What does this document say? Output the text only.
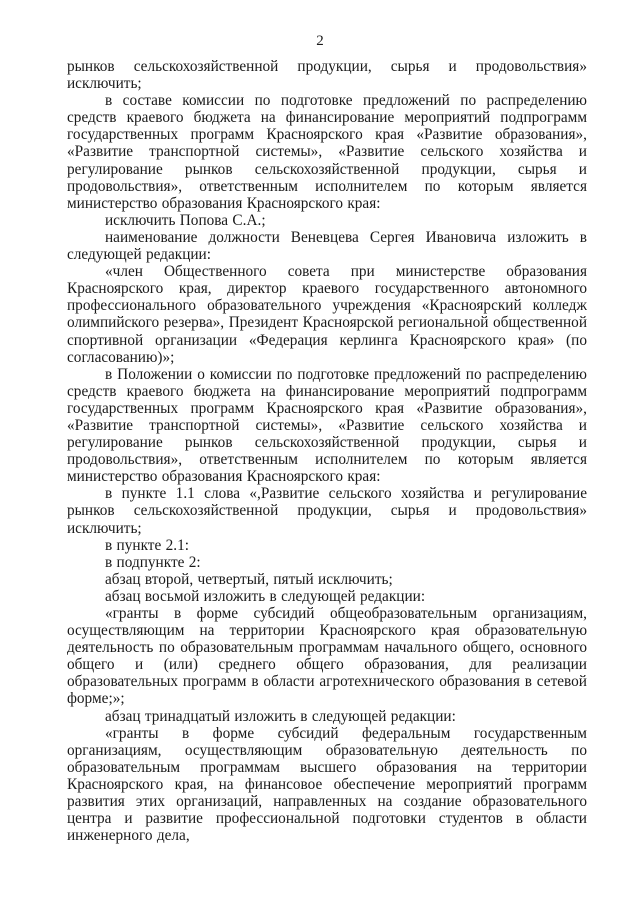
2

рынков сельскохозяйственной продукции, сырья и продовольствия» исключить;

в составе комиссии по подготовке предложений по распределению средств краевого бюджета на финансирование мероприятий подпрограмм государственных программ Красноярского края «Развитие образования», «Развитие транспортной системы», «Развитие сельского хозяйства и регулирование рынков сельскохозяйственной продукции, сырья и продовольствия», ответственным исполнителем по которым является министерство образования Красноярского края:

исключить Попова С.А.;

наименование должности Веневцева Сергея Ивановича изложить в следующей редакции:

«член Общественного совета при министерстве образования Красноярского края, директор краевого государственного автономного профессионального образовательного учреждения «Красноярский колледж олимпийского резерва», Президент Красноярской региональной общественной спортивной организации «Федерация керлинга Красноярского края» (по согласованию)»;

в Положении о комиссии по подготовке предложений по распределению средств краевого бюджета на финансирование мероприятий подпрограмм государственных программ Красноярского края «Развитие образования», «Развитие транспортной системы», «Развитие сельского хозяйства и регулирование рынков сельскохозяйственной продукции, сырья и продовольствия», ответственным исполнителем по которым является министерство образования Красноярского края:

в пункте 1.1 слова «,Развитие сельского хозяйства и регулирование рынков сельскохозяйственной продукции, сырья и продовольствия» исключить;

в пункте 2.1:

в подпункте 2:

абзац второй, четвертый, пятый исключить;

абзац восьмой изложить в следующей редакции:

«гранты в форме субсидий общеобразовательным организациям, осуществляющим на территории Красноярского края образовательную деятельность по образовательным программам начального общего, основного общего и (или) среднего общего образования, для реализации образовательных программ в области агротехнического образования в сетевой форме;»;

абзац тринадцатый изложить в следующей редакции:

«гранты в форме субсидий федеральным государственным организациям, осуществляющим образовательную деятельность по образовательным программам высшего образования на территории Красноярского края, на финансовое обеспечение мероприятий программ развития этих организаций, направленных на создание образовательного центра и развитие профессиональной подготовки студентов в области инженерного дела,
